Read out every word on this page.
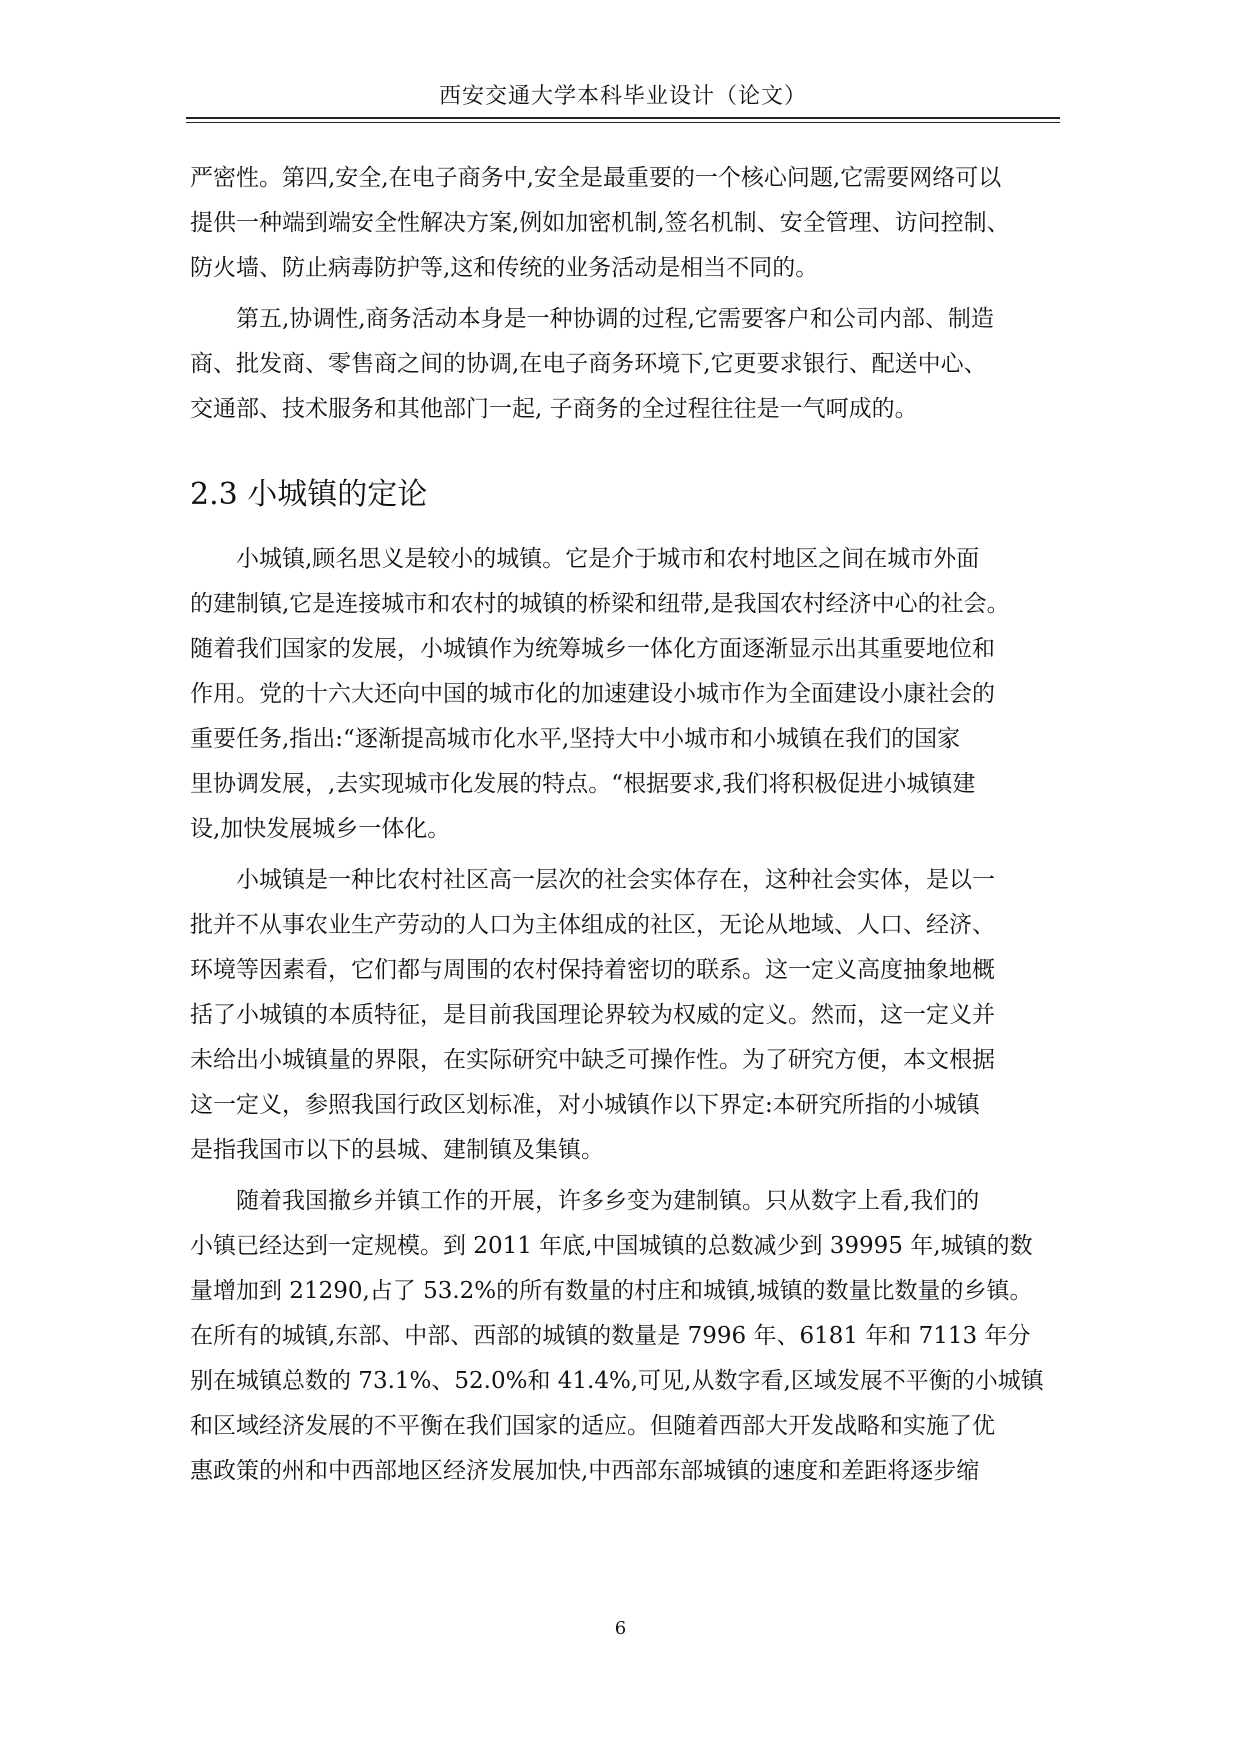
西安交通大学本科毕业设计（论文）

严密性。第四,安全,在电子商务中,安全是最重要的一个核心问题,它需要网络可以
提供一种端到端安全性解决方案,例如加密机制,签名机制、安全管理、访问控制、
防火墙、防止病毒防护等,这和传统的业务活动是相当不同的。

　　第五,协调性,商务活动本身是一种协调的过程,它需要客户和公司内部、制造
商、批发商、零售商之间的协调,在电子商务环境下,它更要求银行、配送中心、
交通部、技术服务和其他部门一起, 子商务的全过程往往是一气呵成的。

2.3 小城镇的定论

　　小城镇,顾名思义是较小的城镇。它是介于城市和农村地区之间在城市外面
的建制镇,它是连接城市和农村的城镇的桥梁和纽带,是我国农村经济中心的社会。
随着我们国家的发展，小城镇作为统筹城乡一体化方面逐渐显示出其重要地位和
作用。党的十六大还向中国的城市化的加速建设小城市作为全面建设小康社会的
重要任务,指出:“逐渐提高城市化水平,坚持大中小城市和小城镇在我们的国家
里协调发展，,去实现城市化发展的特点。“根据要求,我们将积极促进小城镇建
设,加快发展城乡一体化。

　　小城镇是一种比农村社区高一层次的社会实体存在，这种社会实体，是以一
批并不从事农业生产劳动的人口为主体组成的社区，无论从地域、人口、经济、
环境等因素看，它们都与周围的农村保持着密切的联系。这一定义高度抽象地概
括了小城镇的本质特征，是目前我国理论界较为权威的定义。然而，这一定义并
未给出小城镇量的界限，在实际研究中缺乏可操作性。为了研究方便，本文根据
这一定义，参照我国行政区划标准，对小城镇作以下界定:本研究所指的小城镇
是指我国市以下的县城、建制镇及集镇。

　　随着我国撤乡并镇工作的开展，许多乡变为建制镇。只从数字上看,我们的
小镇已经达到一定规模。到 2011 年底,中国城镇的总数减少到 39995 年,城镇的数
量增加到 21290,占了 53.2%的所有数量的村庄和城镇,城镇的数量比数量的乡镇。
在所有的城镇,东部、中部、西部的城镇的数量是 7996 年、6181 年和 7113 年分
别在城镇总数的 73.1%、52.0%和 41.4%,可见,从数字看,区域发展不平衡的小城镇
和区域经济发展的不平衡在我们国家的适应。但随着西部大开发战略和实施了优
惠政策的州和中西部地区经济发展加快,中西部东部城镇的速度和差距将逐步缩

6
